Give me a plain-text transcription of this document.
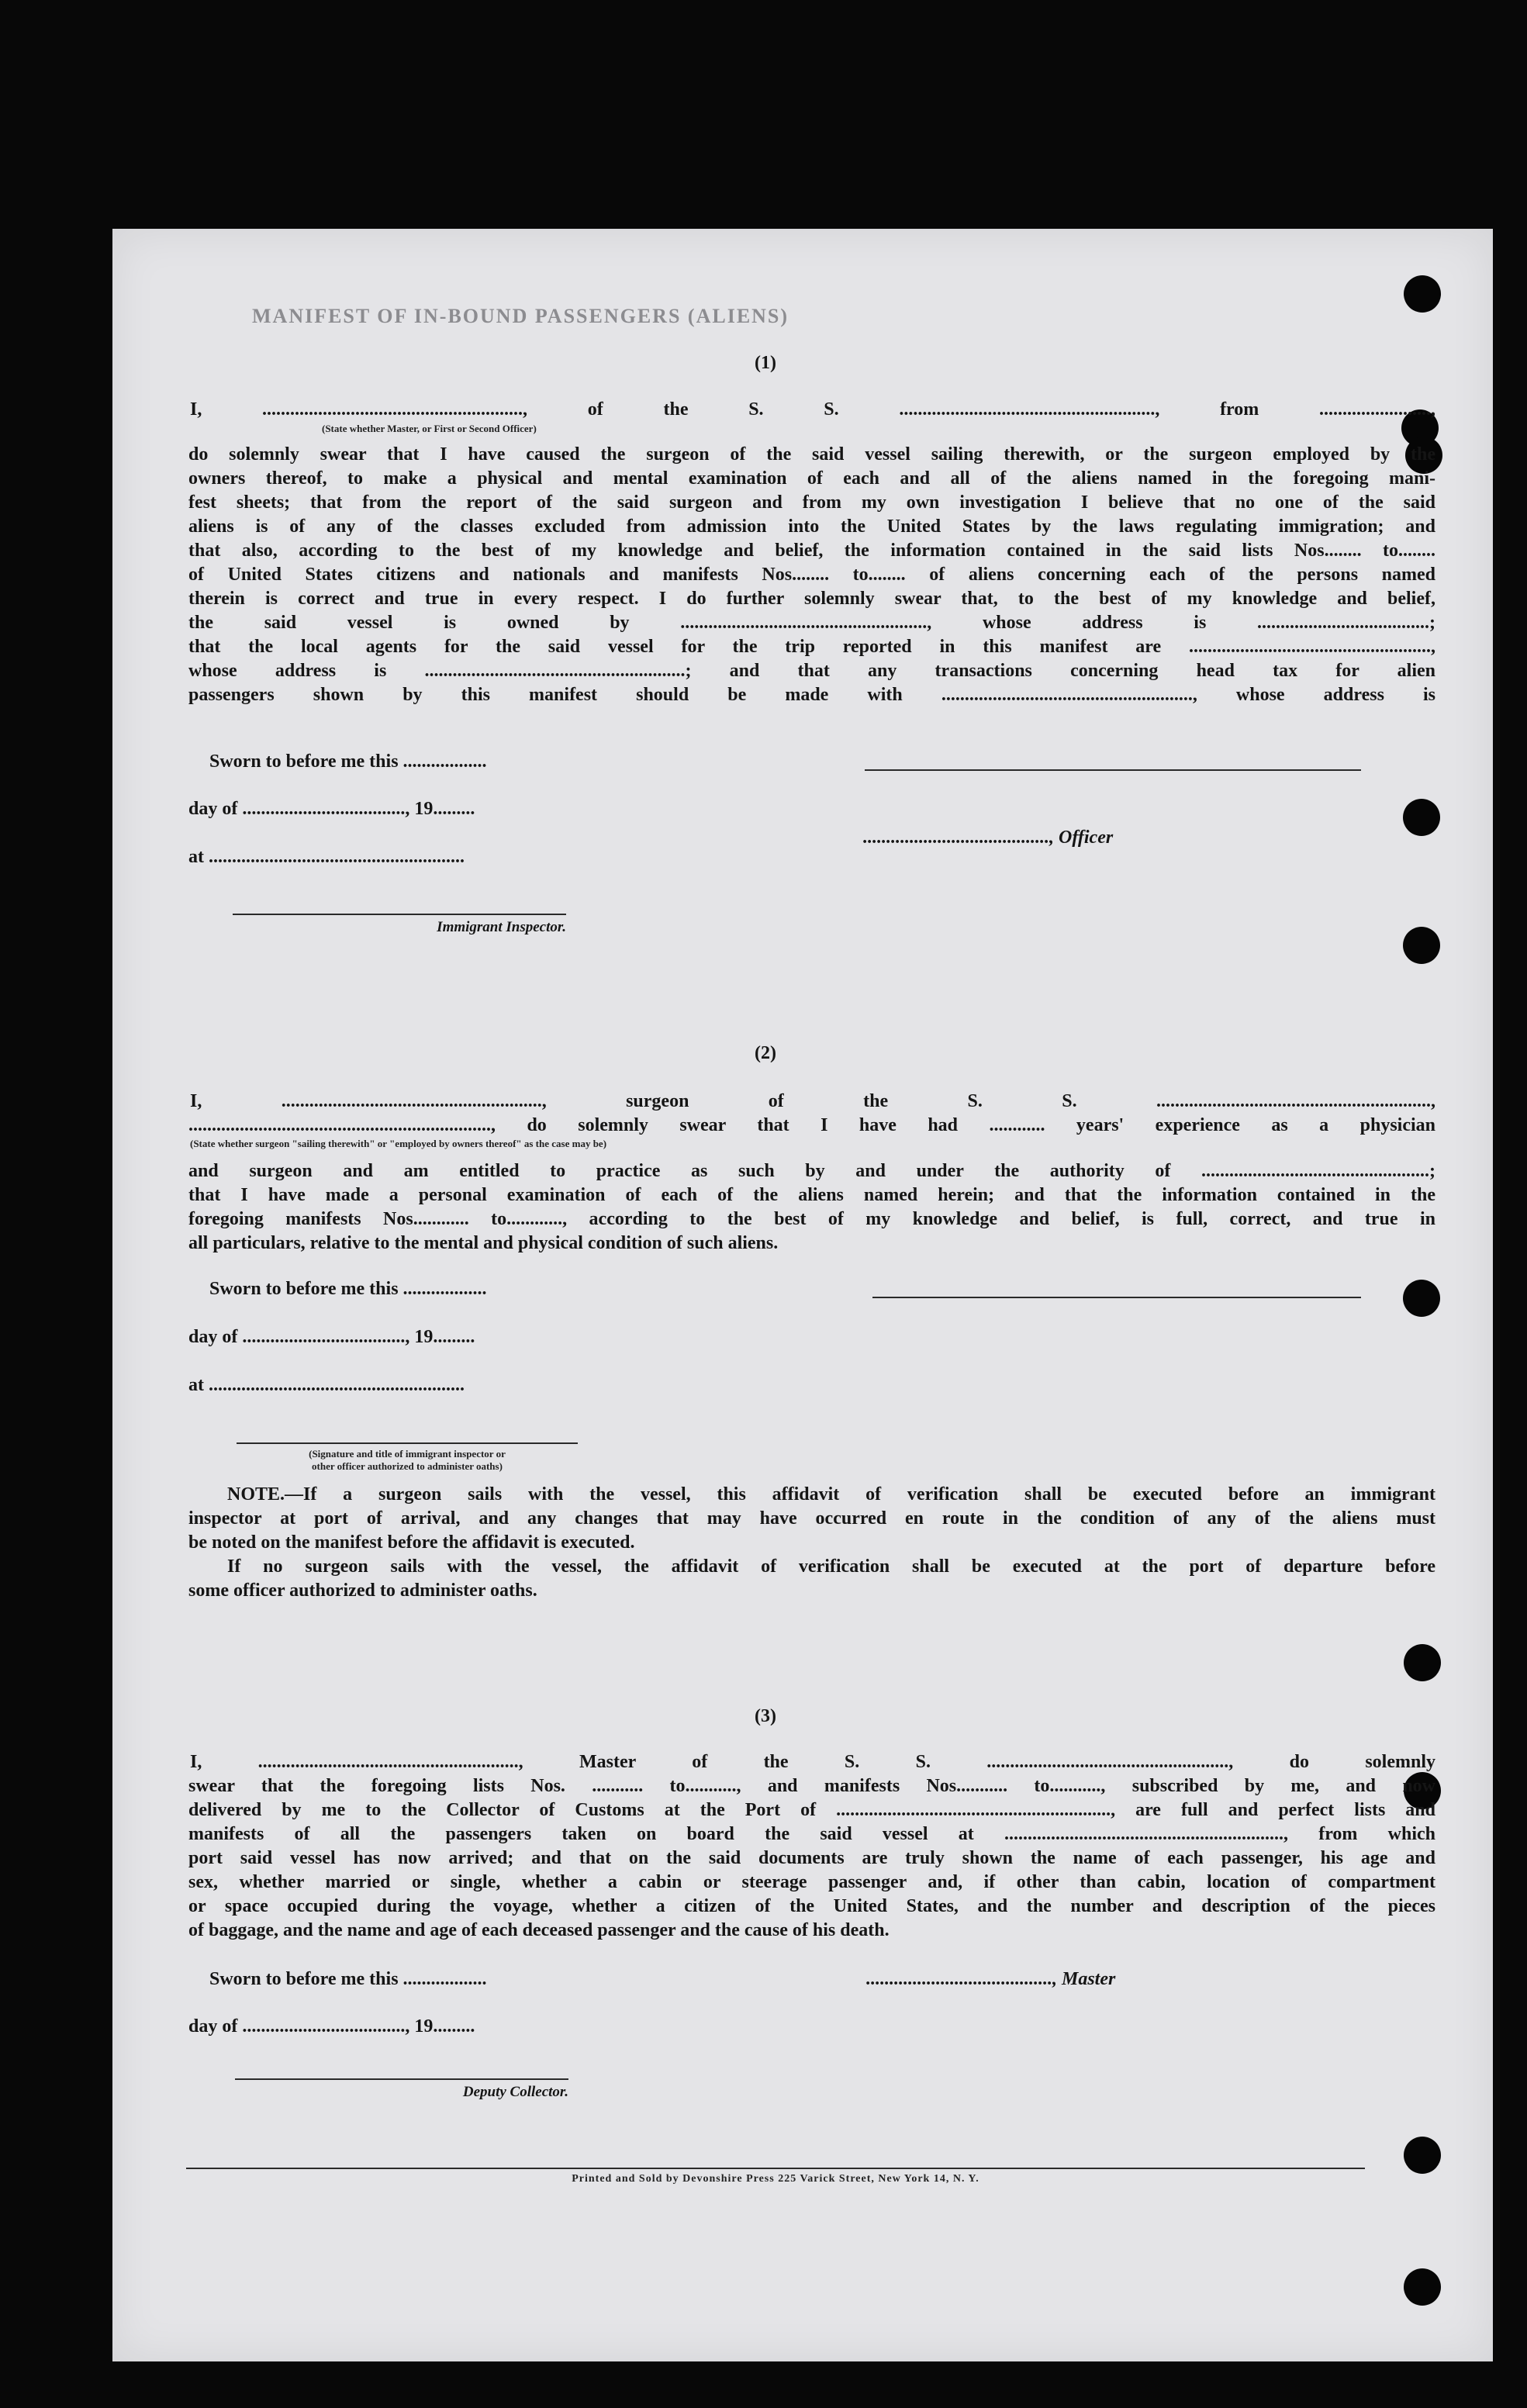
MANIFEST OF IN-BOUND PASSENGERS (ALIENS)

(1)

I, ........................................................, of the S. S. ......................................................., from ........................,

(State whether Master, or First or Second Officer)

do solemnly swear that I have caused the surgeon of the said vessel sailing therewith, or the surgeon employed by the

owners thereof, to make a physical and mental examination of each and all of the aliens named in the foregoing mani-

fest sheets; that from the report of the said surgeon and from my own investigation I believe that no one of the said

aliens is of any of the classes excluded from admission into the United States by the laws regulating immigration; and

that also, according to the best of my knowledge and belief, the information contained in the said lists Nos........ to........

of United States citizens and nationals and manifests Nos........ to........ of aliens concerning each of the persons named

therein is correct and true in every respect. I do further solemnly swear that, to the best of my knowledge and belief,

the said vessel is owned by ....................................................., whose address is .....................................;

that the local agents for the said vessel for the trip reported in this manifest are ....................................................,

whose address is ........................................................; and that any transactions concerning head tax for alien

passengers shown by this manifest should be made with ......................................................, whose address is

Sworn to before me this ..................

day of ..................................., 19.........

........................................, Officer

at .......................................................

Immigrant Inspector.

(2)

I, ........................................................, surgeon of the S. S. ...........................................................,

................................................................., do solemnly swear that I have had ............ years' experience as a physician

(State whether surgeon "sailing therewith" or "employed by owners thereof" as the case may be)

and surgeon and am entitled to practice as such by and under the authority of .................................................;

that I have made a personal examination of each of the aliens named herein; and that the information contained in the

foregoing manifests Nos............ to............, according to the best of my knowledge and belief, is full, correct, and true in

all particulars, relative to the mental and physical condition of such aliens.

Sworn to before me this ..................

day of ..................................., 19.........

at .......................................................

(Signature and title of immigrant inspector or

other officer authorized to administer oaths)

NOTE.—If a surgeon sails with the vessel, this affidavit of verification shall be executed before an immigrant

inspector at port of arrival, and any changes that may have occurred en route in the condition of any of the aliens must

be noted on the manifest before the affidavit is executed.

If no surgeon sails with the vessel, the affidavit of verification shall be executed at the port of departure before

some officer authorized to administer oaths.

(3)

I, ........................................................, Master of the S. S. ...................................................., do solemnly

swear that the foregoing lists Nos. ........... to..........., and manifests Nos........... to..........., subscribed by me, and now

delivered by me to the Collector of Customs at the Port of ..........................................................., are full and perfect lists and

manifests of all the passengers taken on board the said vessel at ............................................................, from which

port said vessel has now arrived; and that on the said documents are truly shown the name of each passenger, his age and

sex, whether married or single, whether a cabin or steerage passenger and, if other than cabin, location of compartment

or space occupied during the voyage, whether a citizen of the United States, and the number and description of the pieces

of baggage, and the name and age of each deceased passenger and the cause of his death.

Sworn to before me this ..................	........................................, Master

day of ..................................., 19.........

Deputy Collector.

Printed and Sold by Devonshire Press 225 Varick Street, New York 14, N. Y.
